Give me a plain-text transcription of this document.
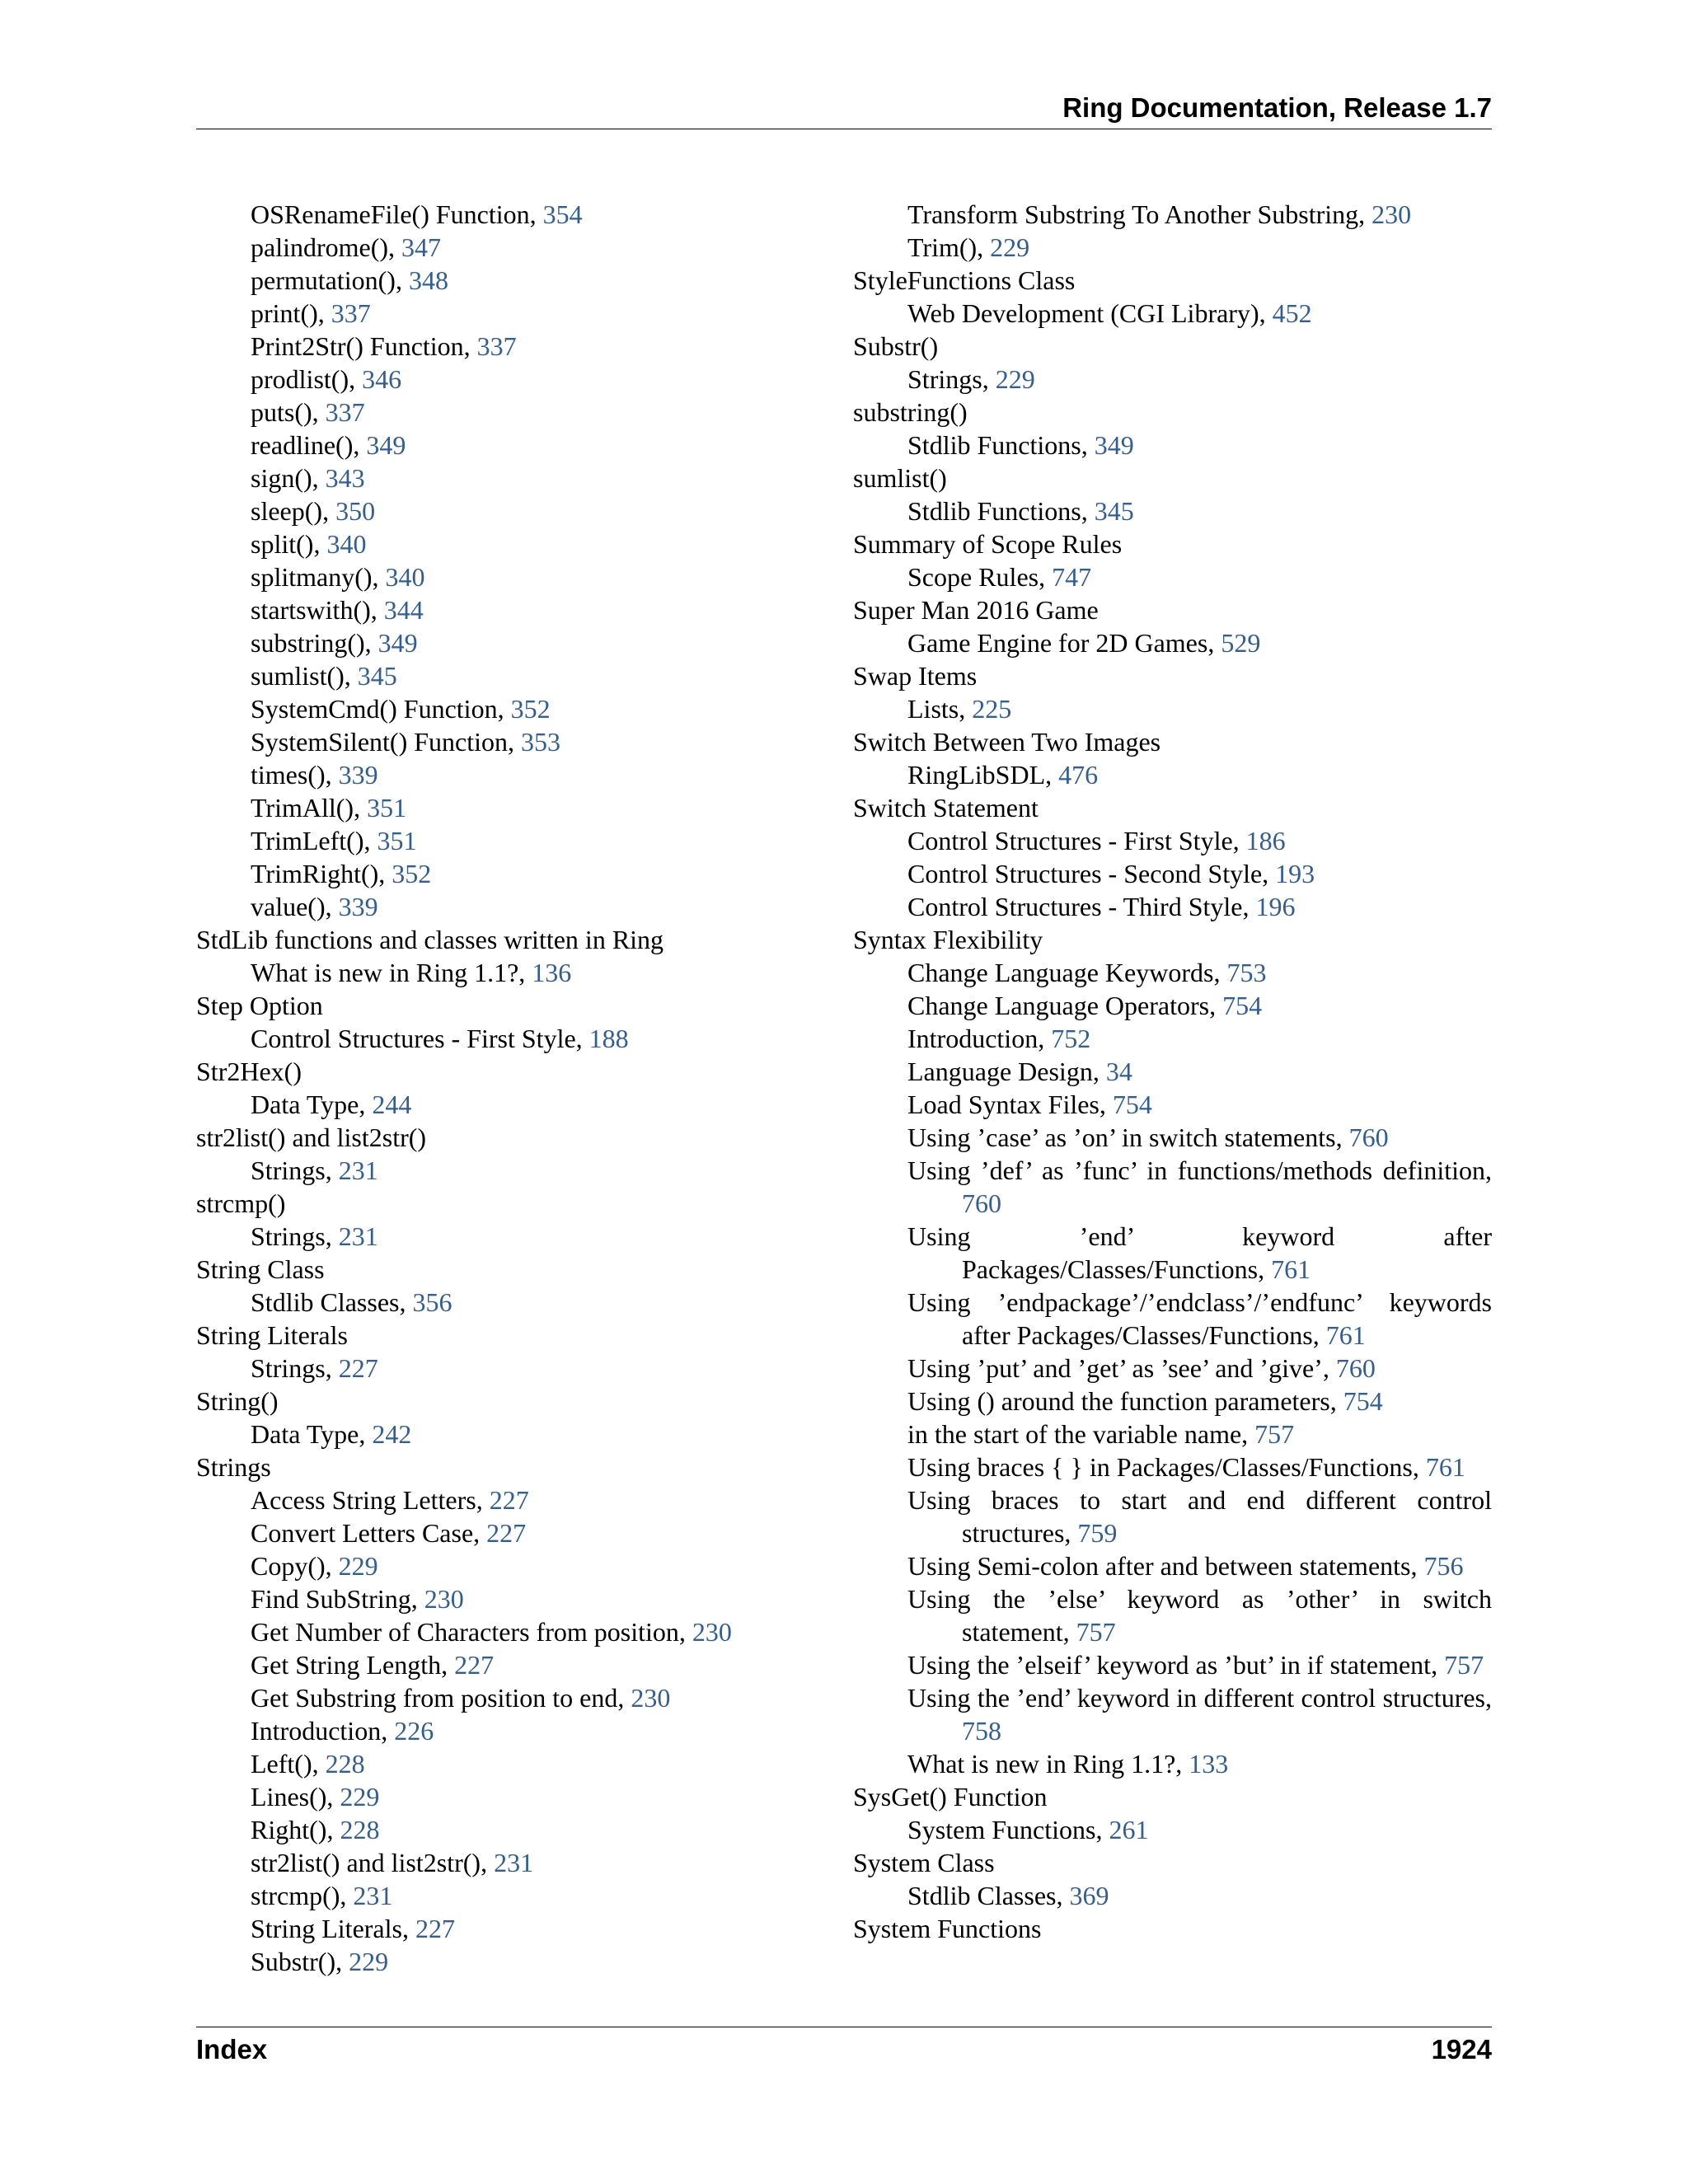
Ring Documentation, Release 1.7
OSRenameFile() Function, 354
palindrome(), 347
permutation(), 348
print(), 337
Print2Str() Function, 337
prodlist(), 346
puts(), 337
readline(), 349
sign(), 343
sleep(), 350
split(), 340
splitmany(), 340
startswith(), 344
substring(), 349
sumlist(), 345
SystemCmd() Function, 352
SystemSilent() Function, 353
times(), 339
TrimAll(), 351
TrimLeft(), 351
TrimRight(), 352
value(), 339
StdLib functions and classes written in Ring
What is new in Ring 1.1?, 136
Step Option
Control Structures - First Style, 188
Str2Hex()
Data Type, 244
str2list() and list2str()
Strings, 231
strcmp()
Strings, 231
String Class
Stdlib Classes, 356
String Literals
Strings, 227
String()
Data Type, 242
Strings
Access String Letters, 227
Convert Letters Case, 227
Copy(), 229
Find SubString, 230
Get Number of Characters from position, 230
Get String Length, 227
Get Substring from position to end, 230
Introduction, 226
Left(), 228
Lines(), 229
Right(), 228
str2list() and list2str(), 231
strcmp(), 231
String Literals, 227
Substr(), 229
Transform Substring To Another Substring, 230
Trim(), 229
StyleFunctions Class
Web Development (CGI Library), 452
Substr()
Strings, 229
substring()
Stdlib Functions, 349
sumlist()
Stdlib Functions, 345
Summary of Scope Rules
Scope Rules, 747
Super Man 2016 Game
Game Engine for 2D Games, 529
Swap Items
Lists, 225
Switch Between Two Images
RingLibSDL, 476
Switch Statement
Control Structures - First Style, 186
Control Structures - Second Style, 193
Control Structures - Third Style, 196
Syntax Flexibility
Change Language Keywords, 753
Change Language Operators, 754
Introduction, 752
Language Design, 34
Load Syntax Files, 754
Using ’case’ as ’on’ in switch statements, 760
Using ’def’ as ’func’ in functions/methods definition, 760
Using ’end’ keyword after Packages/Classes/Functions, 761
Using ’endpackage’/’endclass’/’endfunc’ keywords after Packages/Classes/Functions, 761
Using ’put’ and ’get’ as ’see’ and ’give’, 760
Using () around the function parameters, 754
in the start of the variable name, 757
Using braces { } in Packages/Classes/Functions, 761
Using braces to start and end different control structures, 759
Using Semi-colon after and between statements, 756
Using the ’else’ keyword as ’other’ in switch statement, 757
Using the ’elseif’ keyword as ’but’ in if statement, 757
Using the ’end’ keyword in different control structures, 758
What is new in Ring 1.1?, 133
SysGet() Function
System Functions, 261
System Class
Stdlib Classes, 369
System Functions
Index	1924
